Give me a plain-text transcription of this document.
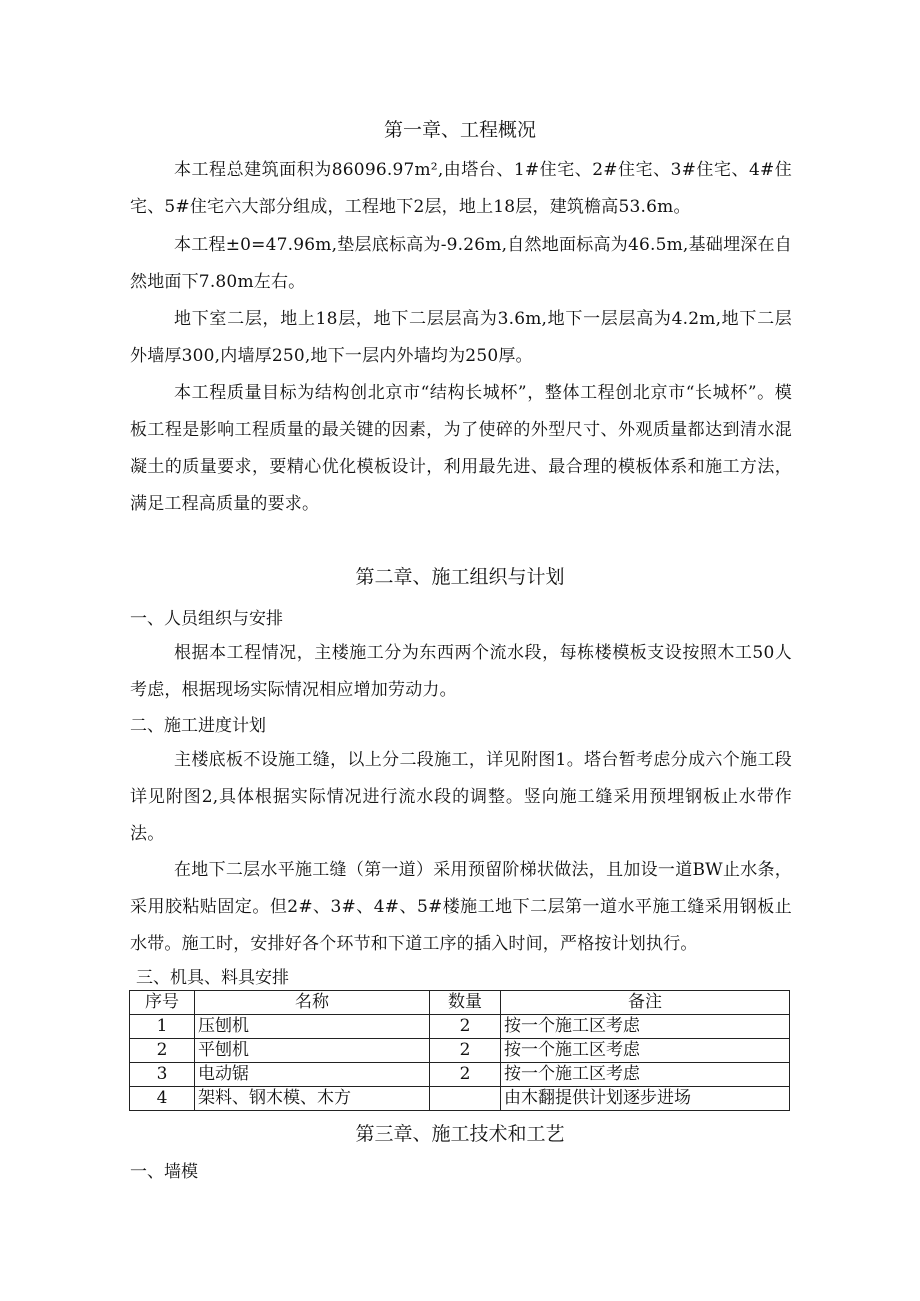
第一章、工程概况

本工程总建筑面积为86096.97m²,由塔台、1#住宅、2#住宅、3#住宅、4#住宅、5#住宅六大部分组成，工程地下2层，地上18层，建筑檐高53.6m。

本工程±0=47.96m,垫层底标高为-9.26m,自然地面标高为46.5m,基础埋深在自然地面下7.80m左右。

地下室二层，地上18层，地下二层层高为3.6m,地下一层层高为4.2m,地下二层外墙厚300,内墙厚250,地下一层内外墙均为250厚。

本工程质量目标为结构创北京市“结构长城杯”，整体工程创北京市“长城杯”。模板工程是影响工程质量的最关键的因素，为了使碎的外型尺寸、外观质量都达到清水混凝土的质量要求，要精心优化模板设计，利用最先进、最合理的模板体系和施工方法，满足工程高质量的要求。

第二章、施工组织与计划

一、人员组织与安排

根据本工程情况，主楼施工分为东西两个流水段，每栋楼模板支设按照木工50人考虑，根据现场实际情况相应增加劳动力。

二、施工进度计划

主楼底板不设施工缝，以上分二段施工，详见附图1。塔台暂考虑分成六个施工段详见附图2,具体根据实际情况进行流水段的调整。竖向施工缝采用预埋钢板止水带作法。

在地下二层水平施工缝（第一道）采用预留阶梯状做法，且加设一道BW止水条，采用胶粘贴固定。但2#、3#、4#、5#楼施工地下二层第一道水平施工缝采用钢板止水带。施工时，安排好各个环节和下道工序的插入时间，严格按计划执行。

三、机具、料具安排

序号	名称	数量	备注
1	压刨机	2	按一个施工区考虑
2	平刨机	2	按一个施工区考虑
3	电动锯	2	按一个施工区考虑
4	架料、钢木模、木方		由木翻提供计划逐步进场
第三章、施工技术和工艺

一、墙模
